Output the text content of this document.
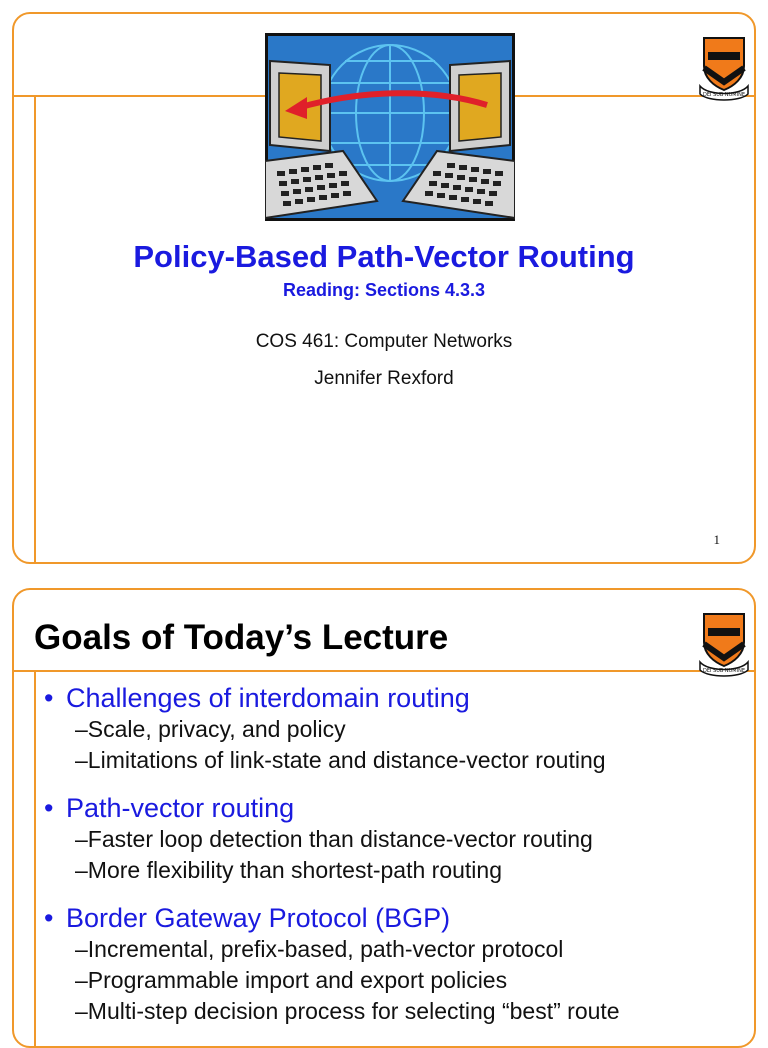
DEI SUB NUMINE
Policy-Based Path-Vector Routing
Reading: Sections 4.3.3
COS 461: Computer Networks
Jennifer Rexford
1
Goals of Today’s Lecture
DEI SUB NUMINE
• Challenges of interdomain routing
–Scale, privacy, and policy
–Limitations of link-state and distance-vector routing
• Path-vector routing
–Faster loop detection than distance-vector routing
–More flexibility than shortest-path routing
• Border Gateway Protocol (BGP)
–Incremental, prefix-based, path-vector protocol
–Programmable import and export policies
–Multi-step decision process for selecting “best” route
